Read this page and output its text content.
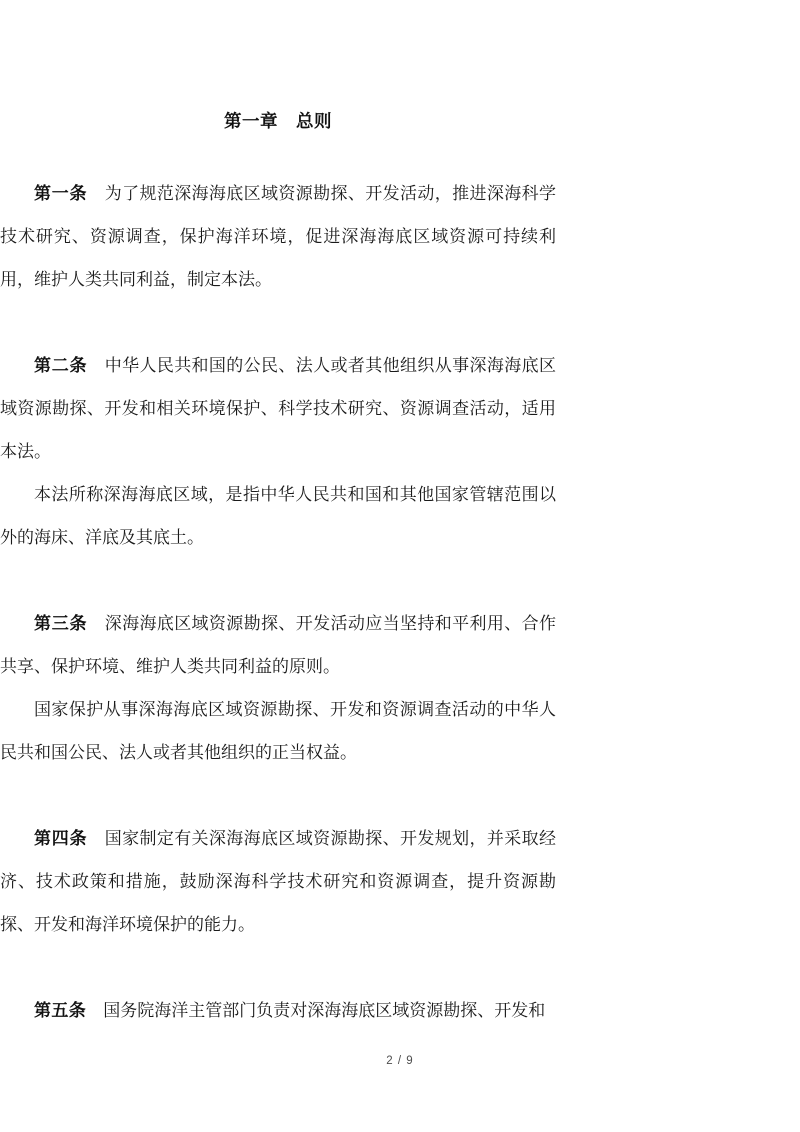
第一章　总则

第一条 为了规范深海海底区域资源勘探、开发活动，推进深海科学技术研究、资源调查，保护海洋环境，促进深海海底区域资源可持续利用，维护人类共同利益，制定本法。

第二条 中华人民共和国的公民、法人或者其他组织从事深海海底区域资源勘探、开发和相关环境保护、科学技术研究、资源调查活动，适用本法。

本法所称深海海底区域，是指中华人民共和国和其他国家管辖范围以外的海床、洋底及其底土。

第三条 深海海底区域资源勘探、开发活动应当坚持和平利用、合作共享、保护环境、维护人类共同利益的原则。

国家保护从事深海海底区域资源勘探、开发和资源调查活动的中华人民共和国公民、法人或者其他组织的正当权益。

第四条 国家制定有关深海海底区域资源勘探、开发规划，并采取经济、技术政策和措施，鼓励深海科学技术研究和资源调查，提升资源勘探、开发和海洋环境保护的能力。

第五条 国务院海洋主管部门负责对深海海底区域资源勘探、开发和

2 / 9
